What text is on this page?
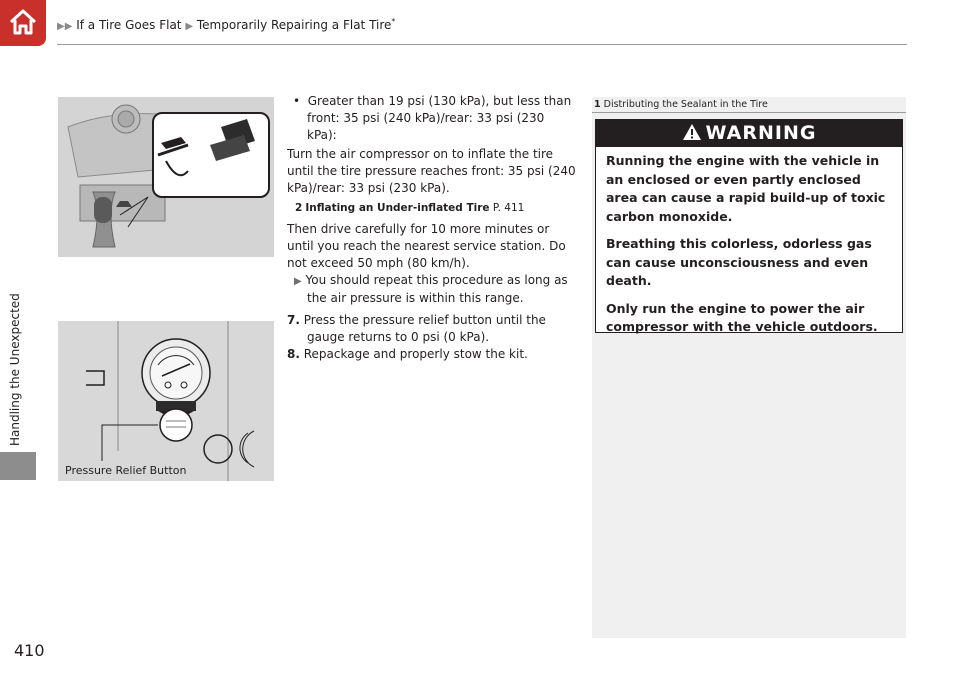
▶▶ If a Tire Goes Flat ▶ Temporarily Repairing a Flat Tire*
Handling the Unexpected
410
Pressure Relief Button

•  Greater than 19 psi (130 kPa), but less than front: 35 psi (240 kPa)/rear: 33 psi (230 kPa):

Turn the air compressor on to inflate the tire until the tire pressure reaches front: 35 psi (240 kPa)/rear: 33 psi (230 kPa).

2 Inflating an Under-inflated Tire P. 411

Then drive carefully for 10 more minutes or until you reach the nearest service station. Do not exceed 50 mph (80 km/h).

▶ You should repeat this procedure as long as the air pressure is within this range.

7. Press the pressure relief button until the gauge returns to 0 psi (0 kPa).

8. Repackage and properly stow the kit.

1 Distributing the Sealant in the Tire
WARNING

Running the engine with the vehicle in an enclosed or even partly enclosed area can cause a rapid build-up of toxic carbon monoxide.

Breathing this colorless, odorless gas can cause unconsciousness and even death.

Only run the engine to power the air compressor with the vehicle outdoors.
